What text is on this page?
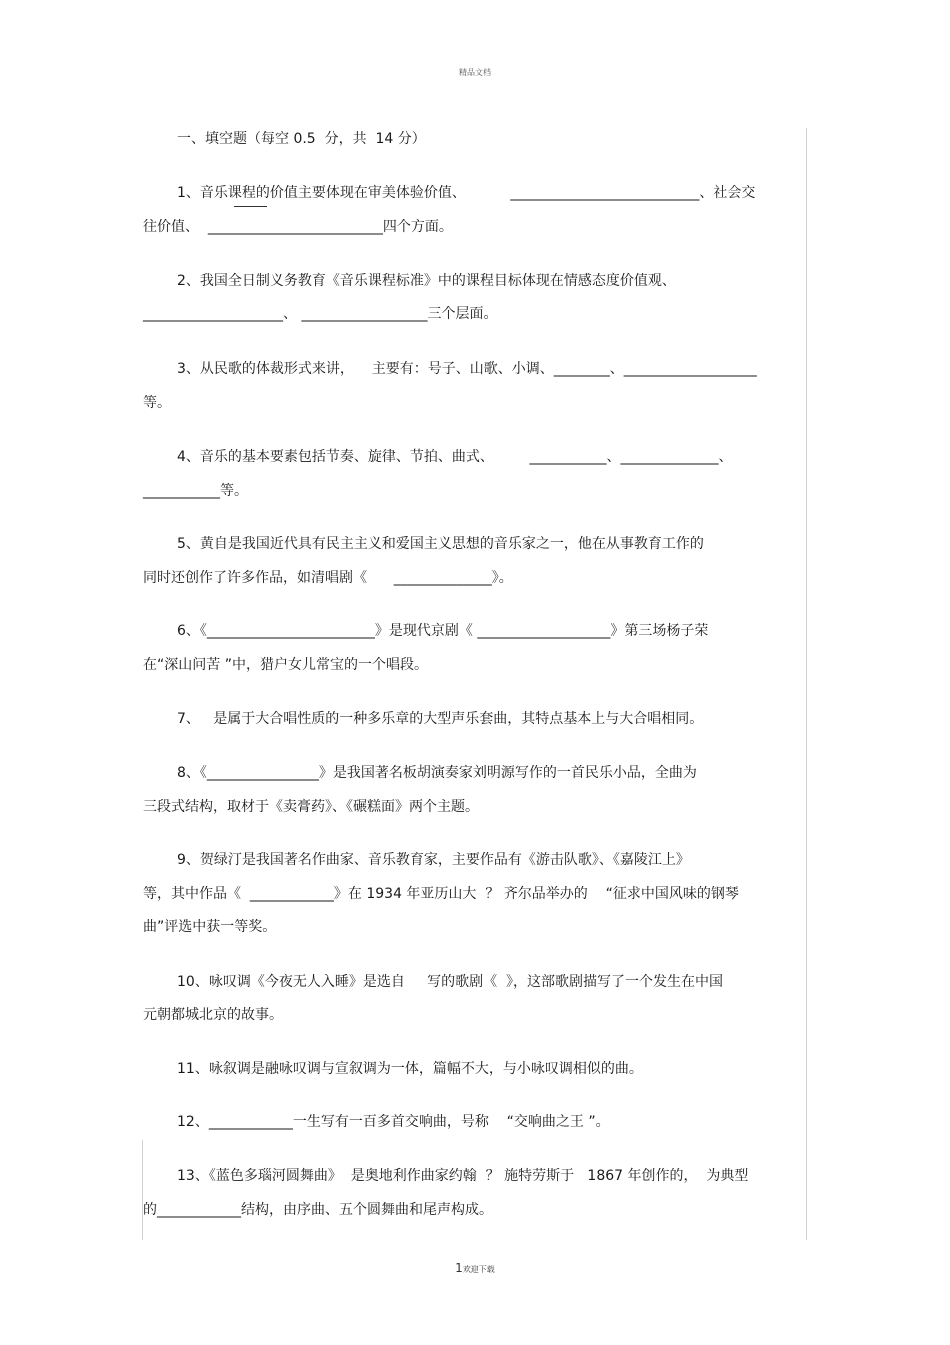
精品文档
一、填空题（每空 0.5  分，共  14 分）
1、音乐课程的价值主要体现在审美体验价值、          ___________________________、社会交
往价值、  _________________________四个方面。
2、我国全日制义务教育《音乐课程标准》中的课程目标体现在情感态度价值观、
____________________、 __________________三个层面。
3、从民歌的体裁形式来讲，    主要有：号子、山歌、小调、________、___________________
等。
4、音乐的基本要素包括节奏、旋律、节拍、曲式、        ___________、______________、
___________等。
5、黄自是我国近代具有民主主义和爱国主义思想的音乐家之一，他在从事教育工作的
同时还创作了许多作品，如清唱剧《      ______________》。
6、《________________________》是现代京剧《 ___________________》第三场杨子荣
在“深山问苦 ”中，猎户女儿常宝的一个唱段。
7、   是属于大合唱性质的一种多乐章的大型声乐套曲，其特点基本上与大合唱相同。
8、《________________》是我国著名板胡演奏家刘明源写作的一首民乐小品，全曲为
三段式结构，取材于《卖膏药》、《碾糕面》两个主题。
9、贺绿汀是我国著名作曲家、音乐教育家，主要作品有《游击队歌》、《嘉陵江上》
等，其中作品《  ____________》在 1934 年亚历山大  ？ 齐尔品举办的    “征求中国风味的钢琴
曲”评选中获一等奖。
10、咏叹调《今夜无人入睡》是选自     写的歌剧《  》，这部歌剧描写了一个发生在中国
元朝都城北京的故事。
11、咏叙调是融咏叹调与宣叙调为一体，篇幅不大，与小咏叹调相似的曲。
12、____________一生写有一百多首交响曲，号称    “交响曲之王 ”。
13、《蓝色多瑙河圆舞曲》  是奥地利作曲家约翰  ？ 施特劳斯于   1867 年创作的，  为典型
的____________结构，由序曲、五个圆舞曲和尾声构成。
1欢迎下载
